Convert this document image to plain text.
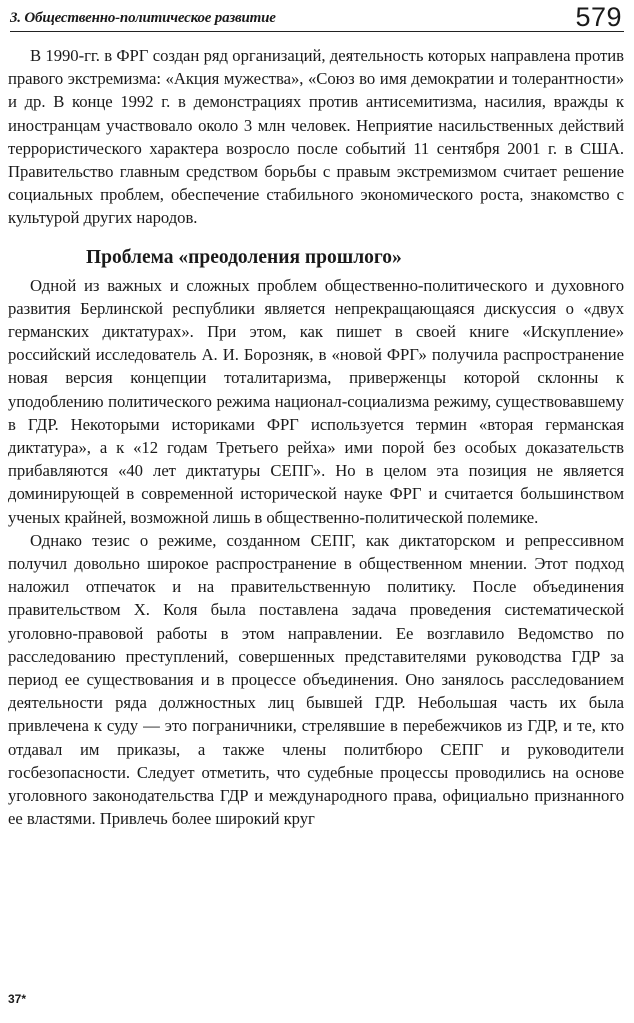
3. Общественно-политическое развитие	579

В 1990-гг. в ФРГ создан ряд организаций, деятельность которых направлена против правого экстремизма: «Акция мужества», «Союз во имя демократии и толерантности» и др. В конце 1992 г. в демонстрациях против антисемитизма, насилия, вражды к иностранцам участвовало около 3 млн человек. Неприятие насильственных действий террористического характера возросло после событий 11 сентября 2001 г. в США. Правительство главным средством борьбы с правым экстремизмом считает решение социальных проблем, обеспечение стабильного экономического роста, знакомство с культурой других народов.

Проблема «преодоления прошлого»

Одной из важных и сложных проблем общественно-политического и духовного развития Берлинской республики является непрекращающаяся дискуссия о «двух германских диктатурах». При этом, как пишет в своей книге «Искупление» российский исследователь А. И. Борозняк, в «новой ФРГ» получила распространение новая версия концепции тоталитаризма, приверженцы которой склонны к уподоблению политического режима национал-социализма режиму, существовавшему в ГДР. Некоторыми историками ФРГ используется термин «вторая германская диктатура», а к «12 годам Третьего рейха» ими порой без особых доказательств прибавляются «40 лет диктатуры СЕПГ». Но в целом эта позиция не является доминирующей в современной исторической науке ФРГ и считается большинством ученых крайней, возможной лишь в общественно-политической полемике.

Однако тезис о режиме, созданном СЕПГ, как диктаторском и репрессивном получил довольно широкое распространение в общественном мнении. Этот подход наложил отпечаток и на правительственную политику. После объединения правительством Х. Коля была поставлена задача проведения систематической уголовно-правовой работы в этом направлении. Ее возглавило Ведомство по расследованию преступлений, совершенных представителями руководства ГДР за период ее существования и в процессе объединения. Оно занялось расследованием деятельности ряда должностных лиц бывшей ГДР. Небольшая часть их была привлечена к суду — это пограничники, стрелявшие в перебежчиков из ГДР, и те, кто отдавал им приказы, а также члены политбюро СЕПГ и руководители госбезопасности. Следует отметить, что судебные процессы проводились на основе уголовного законодательства ГДР и международного права, официально признанного ее властями. Привлечь более широкий круг

37*
